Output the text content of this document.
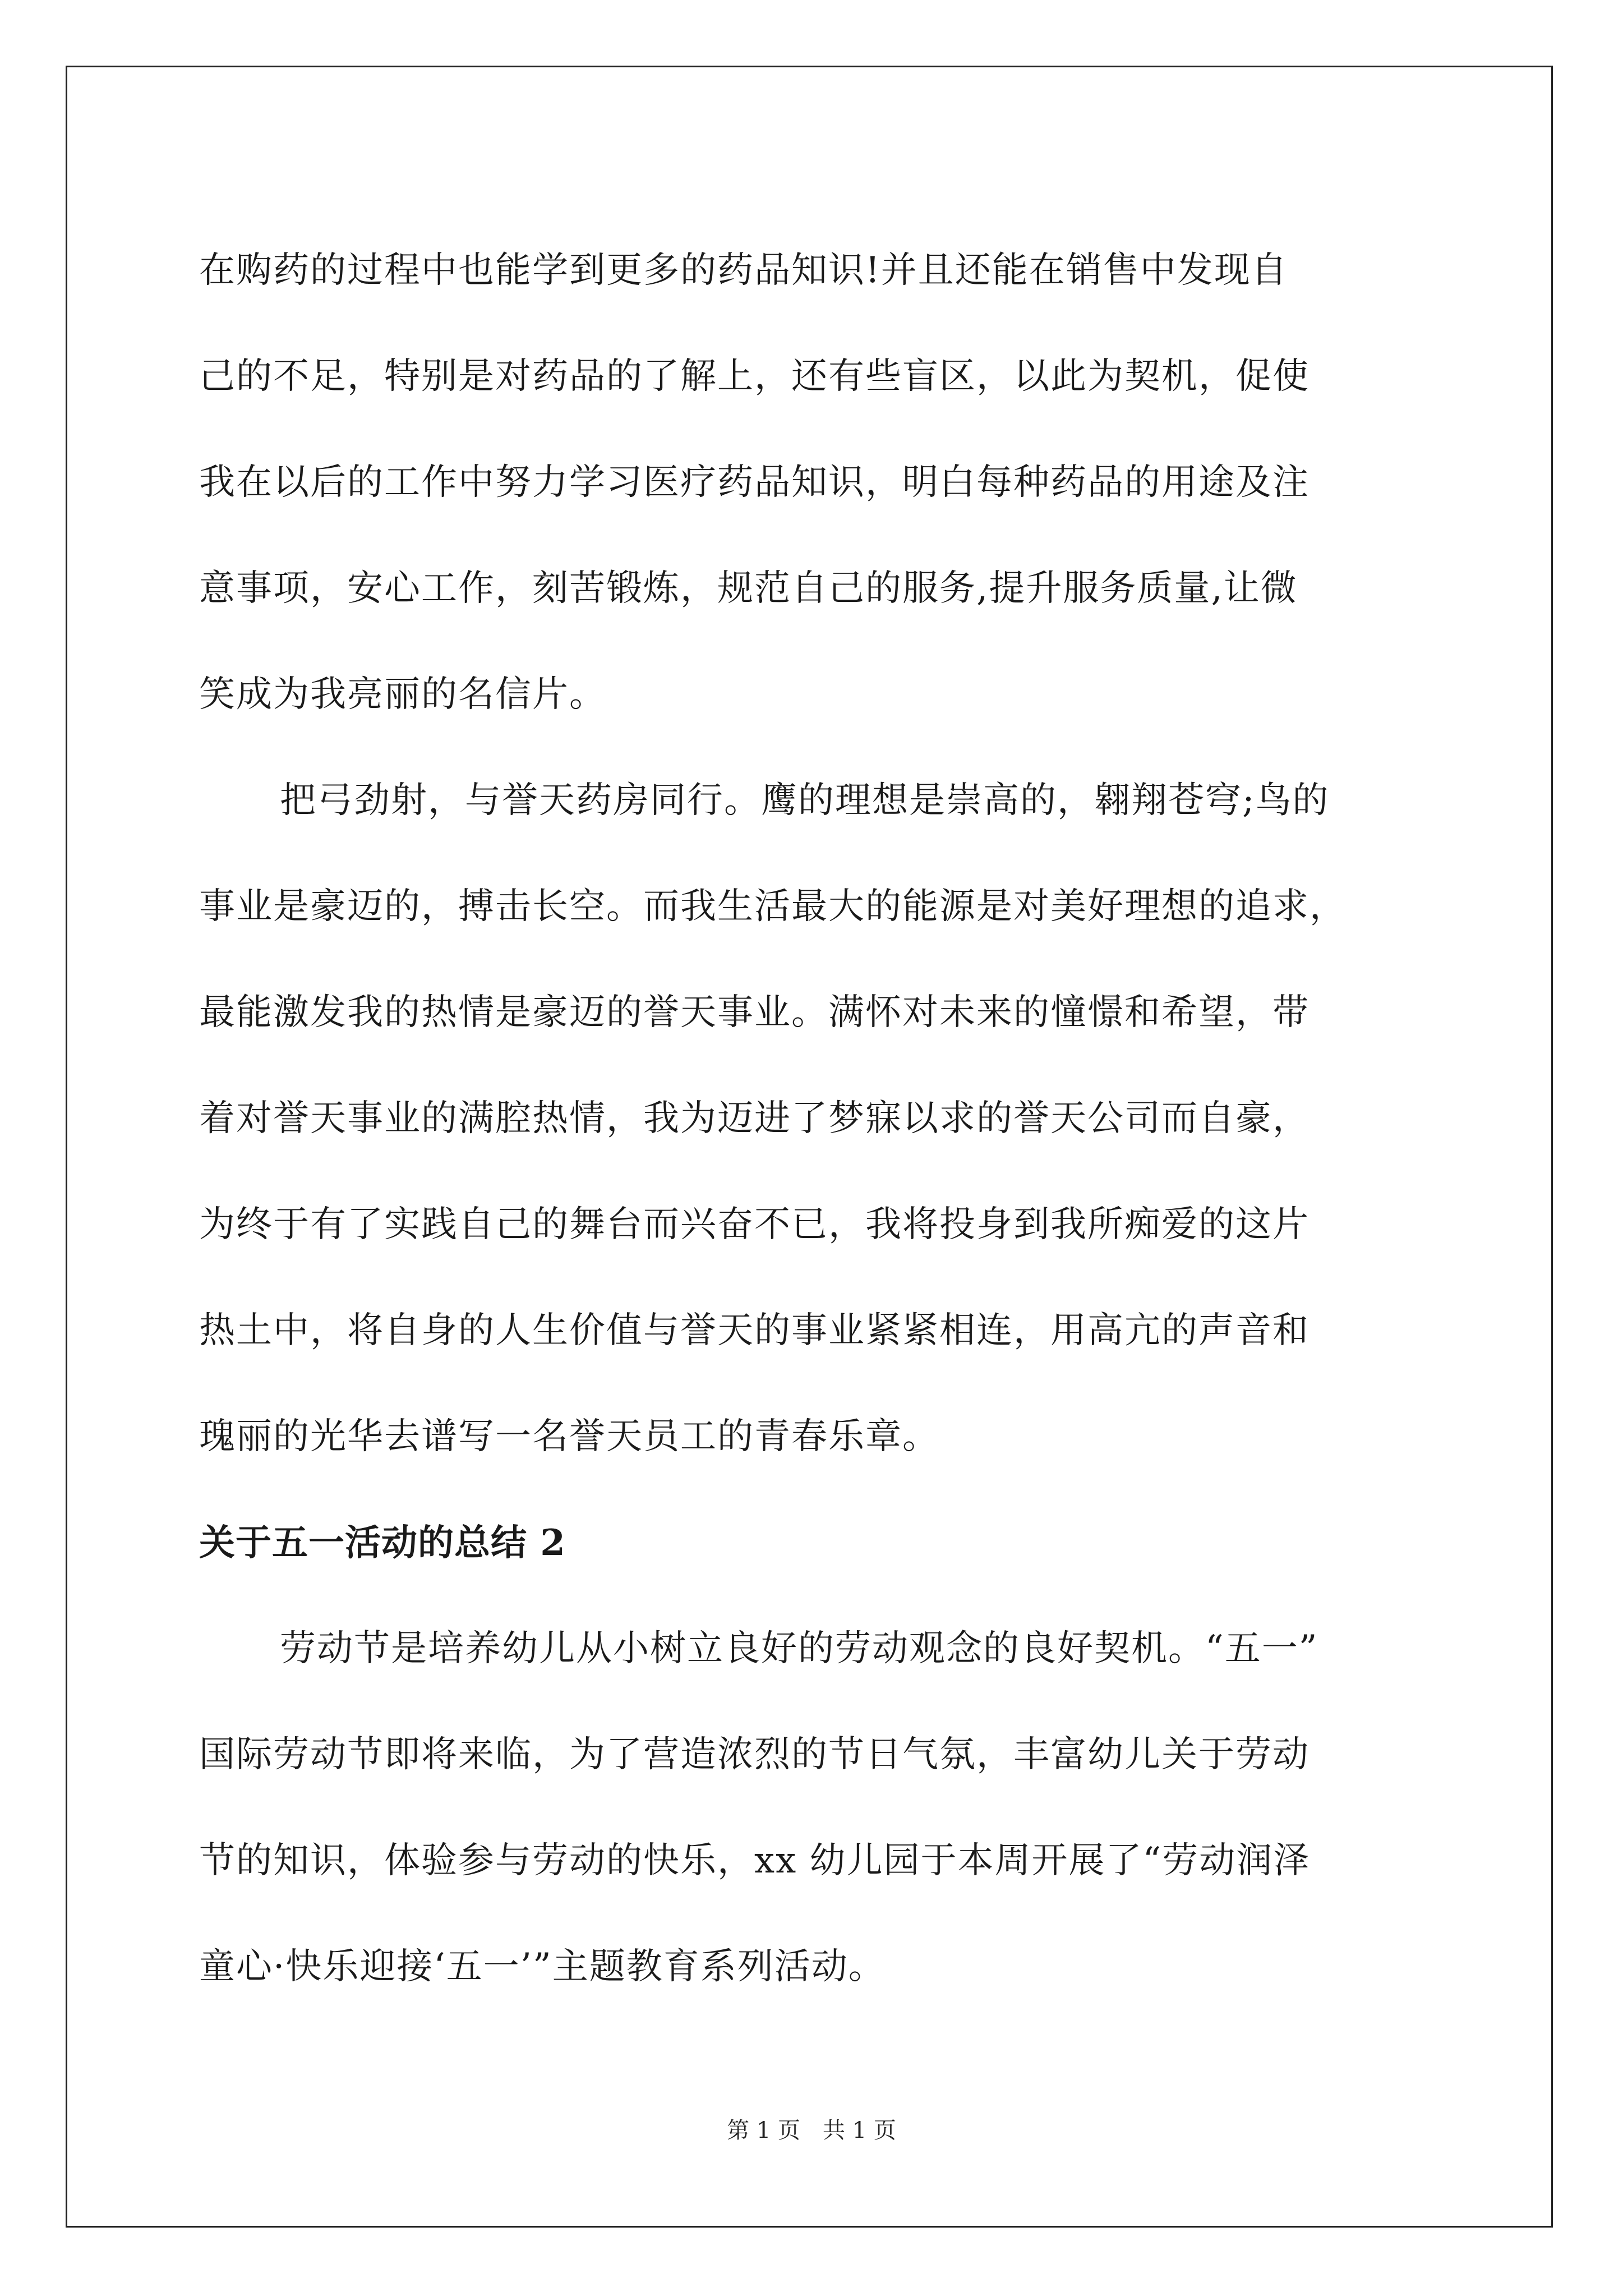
在购药的过程中也能学到更多的药品知识!并且还能在销售中发现自

己的不足，特别是对药品的了解上，还有些盲区，以此为契机，促使

我在以后的工作中努力学习医疗药品知识，明白每种药品的用途及注

意事项，安心工作，刻苦锻炼，规范自己的服务,提升服务质量,让微

笑成为我亮丽的名信片。

把弓劲射，与誉天药房同行。鹰的理想是崇高的，翱翔苍穹;鸟的

事业是豪迈的，搏击长空。而我生活最大的能源是对美好理想的追求，

最能激发我的热情是豪迈的誉天事业。满怀对未来的憧憬和希望，带

着对誉天事业的满腔热情，我为迈进了梦寐以求的誉天公司而自豪，

为终于有了实践自己的舞台而兴奋不已，我将投身到我所痴爱的这片

热土中，将自身的人生价值与誉天的事业紧紧相连，用高亢的声音和

瑰丽的光华去谱写一名誉天员工的青春乐章。

关于五一活动的总结 2

劳动节是培养幼儿从小树立良好的劳动观念的良好契机。“五一”

国际劳动节即将来临，为了营造浓烈的节日气氛，丰富幼儿关于劳动

节的知识，体验参与劳动的快乐，xx 幼儿园于本周开展了“劳动润泽

童心·快乐迎接‘五一’”主题教育系列活动。

第 1 页 共 1 页
